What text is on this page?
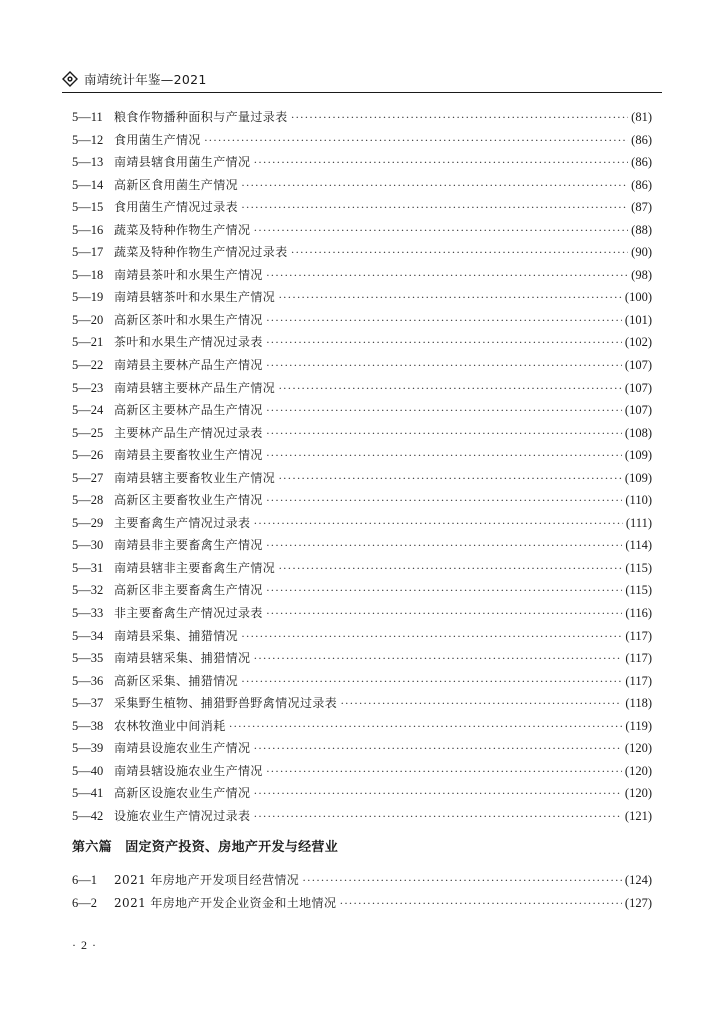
南靖统计年鉴—2021
5—11 粮食作物播种面积与产量过录表 ·····	(81)
5—12 食用菌生产情况 ·····	(86)
5—13 南靖县辖食用菌生产情况 ·····	(86)
5—14 高新区食用菌生产情况 ·····	(86)
5—15 食用菌生产情况过录表 ·····	(87)
5—16 蔬菜及特种作物生产情况 ·····	(88)
5—17 蔬菜及特种作物生产情况过录表 ·····	(90)
5—18 南靖县茶叶和水果生产情况 ·····	(98)
5—19 南靖县辖茶叶和水果生产情况 ·····	(100)
5—20 高新区茶叶和水果生产情况 ·····	(101)
5—21 茶叶和水果生产情况过录表 ·····	(102)
5—22 南靖县主要林产品生产情况 ·····	(107)
5—23 南靖县辖主要林产品生产情况 ·····	(107)
5—24 高新区主要林产品生产情况 ·····	(107)
5—25 主要林产品生产情况过录表 ·····	(108)
5—26 南靖县主要畜牧业生产情况 ·····	(109)
5—27 南靖县辖主要畜牧业生产情况 ·····	(109)
5—28 高新区主要畜牧业生产情况 ·····	(110)
5—29 主要畜禽生产情况过录表 ·····	(111)
5—30 南靖县非主要畜禽生产情况 ·····	(114)
5—31 南靖县辖非主要畜禽生产情况 ·····	(115)
5—32 高新区非主要畜禽生产情况 ·····	(115)
5—33 非主要畜禽生产情况过录表 ·····	(116)
5—34 南靖县采集、捕猎情况 ·····	(117)
5—35 南靖县辖采集、捕猎情况 ·····	(117)
5—36 高新区采集、捕猎情况 ·····	(117)
5—37 采集野生植物、捕猎野兽野禽情况过录表 ·····	(118)
5—38 农林牧渔业中间消耗 ·····	(119)
5—39 南靖县设施农业生产情况 ·····	(120)
5—40 南靖县辖设施农业生产情况 ·····	(120)
5—41 高新区设施农业生产情况 ·····	(120)
5—42 设施农业生产情况过录表 ·····	(121)
第六篇　固定资产投资、房地产开发与经营业
6—1	2021 年房地产开发项目经营情况 ·····	(124)
6—2	2021 年房地产开发企业资金和土地情况 ·····	(127)
· 2 ·
